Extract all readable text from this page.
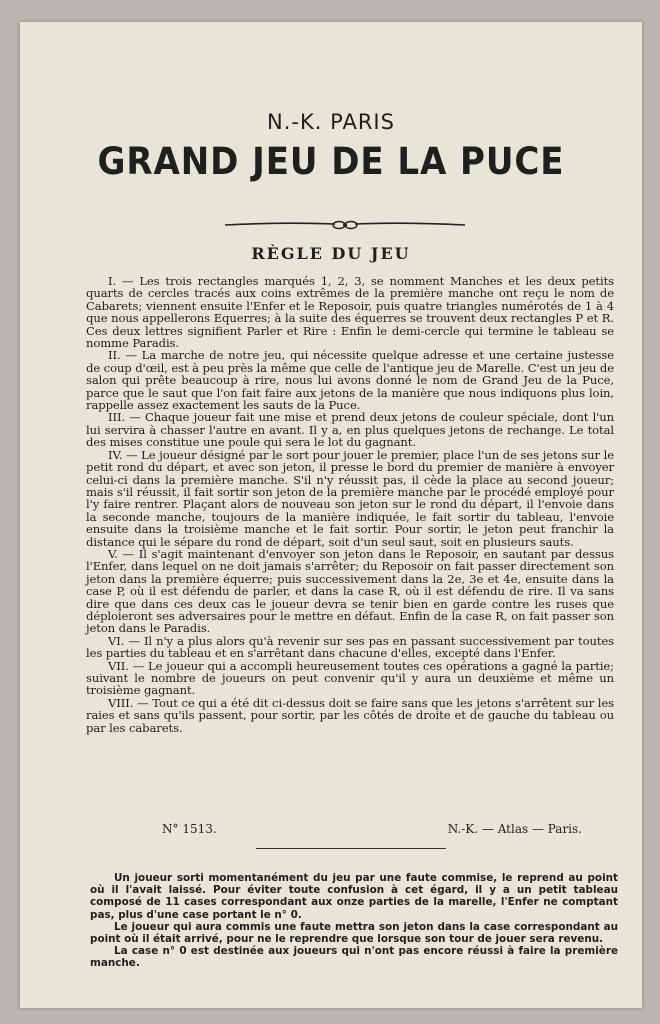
N.-K. PARIS
GRAND JEU DE LA PUCE
RÈGLE DU JEU

I. — Les trois rectangles marqués 1, 2, 3, se nomment Manches et les deux petits quarts de cercles tracés aux coins extrêmes de la première manche ont reçu le nom de Cabarets; viennent ensuite l'Enfer et le Reposoir, puis quatre triangles numérotés de 1 à 4 que nous appellerons Equerres; à la suite des équerres se trouvent deux rectangles P et R. Ces deux lettres signifient Parler et Rire : Enfin le demi-cercle qui termine le tableau se nomme Paradis.

II. — La marche de notre jeu, qui nécessite quelque adresse et une certaine justesse de coup d'œil, est à peu près la même que celle de l'antique jeu de Marelle. C'est un jeu de salon qui prête beaucoup à rire, nous lui avons donné le nom de Grand Jeu de la Puce, parce que le saut que l'on fait faire aux jetons de la manière que nous indiquons plus loin, rappelle assez exactement les sauts de la Puce.

III. — Chaque joueur fait une mise et prend deux jetons de couleur spéciale, dont l'un lui servira à chasser l'autre en avant. Il y a, en plus quelques jetons de rechange. Le total des mises constitue une poule qui sera le lot du gagnant.

IV. — Le joueur désigné par le sort pour jouer le premier, place l'un de ses jetons sur le petit rond du départ, et avec son jeton, il presse le bord du premier de manière à envoyer celui-ci dans la première manche. S'il n'y réussit pas, il cède la place au second joueur; mais s'il réussit, il fait sortir son jeton de la première manche par le procédé employé pour l'y faire rentrer. Plaçant alors de nouveau son jeton sur le rond du départ, il l'envoie dans la seconde manche, toujours de la manière indiquée, le fait sortir du tableau, l'envoie ensuite dans la troisième manche et le fait sortir. Pour sortir, le jeton peut franchir la distance qui le sépare du rond de départ, soit d'un seul saut, soit en plusieurs sauts.

V. — Il s'agit maintenant d'envoyer son jeton dans le Reposoir, en sautant par dessus l'Enfer, dans lequel on ne doit jamais s'arrêter; du Reposoir on fait passer directement son jeton dans la première équerre; puis successivement dans la 2e, 3e et 4e, ensuite dans la case P, où il est défendu de parler, et dans la case R, où il est défendu de rire. Il va sans dire que dans ces deux cas le joueur devra se tenir bien en garde contre les ruses que déploieront ses adversaires pour le mettre en défaut. Enfin de la case R, on fait passer son jeton dans le Paradis.

VI. — Il n'y a plus alors qu'à revenir sur ses pas en passant successivement par toutes les parties du tableau et en s'arrêtant dans chacune d'elles, excepté dans l'Enfer.

VII. — Le joueur qui a accompli heureusement toutes ces opérations a gagné la partie; suivant le nombre de joueurs on peut convenir qu'il y aura un deuxième et même un troisième gagnant.

VIII. — Tout ce qui a été dit ci-dessus doit se faire sans que les jetons s'arrêtent sur les raies et sans qu'ils passent, pour sortir, par les côtés de droite et de gauche du tableau ou par les cabarets.

N° 1513.	N.-K. — Atlas — Paris.

Un joueur sorti momentanément du jeu par une faute commise, le reprend au point où il l'avait laissé. Pour éviter toute confusion à cet égard, il y a un petit tableau composé de 11 cases correspondant aux onze parties de la marelle, l'Enfer ne comptant pas, plus d'une case portant le n° 0.

Le joueur qui aura commis une faute mettra son jeton dans la case correspondant au point où il était arrivé, pour ne le reprendre que lorsque son tour de jouer sera revenu.

La case n° 0 est destinée aux joueurs qui n'ont pas encore réussi à faire la première manche.
